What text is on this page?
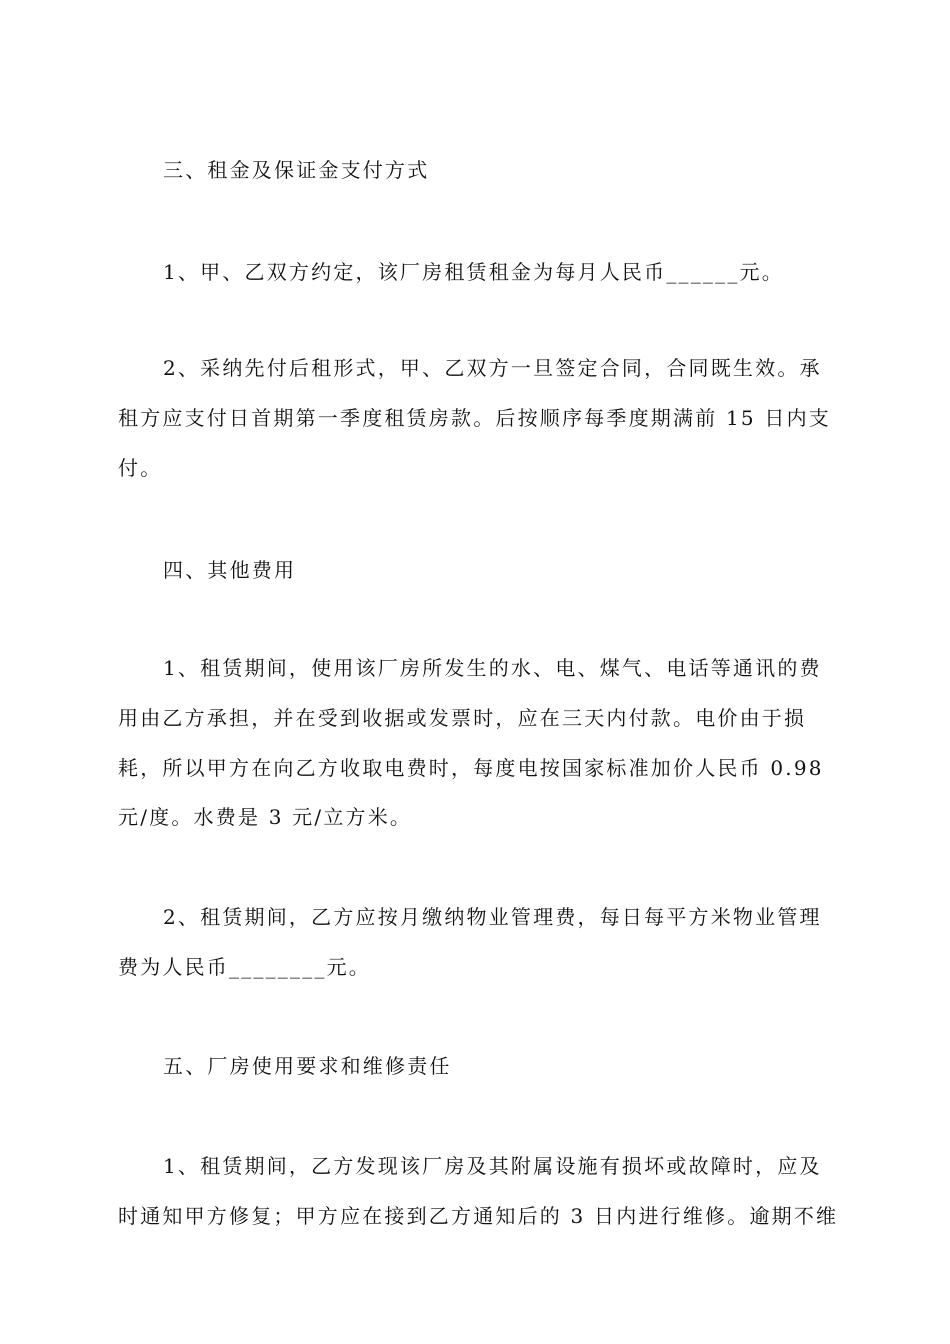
三、租金及保证金支付方式
1、甲、乙双方约定，该厂房租赁租金为每月人民币______元。
2、采纳先付后租形式，甲、乙双方一旦签定合同，合同既生效。承
租方应支付日首期第一季度租赁房款。后按顺序每季度期满前 15 日内支
付。
四、其他费用
1、租赁期间，使用该厂房所发生的水、电、煤气、电话等通讯的费
用由乙方承担，并在受到收据或发票时，应在三天内付款。电价由于损
耗，所以甲方在向乙方收取电费时，每度电按国家标准加价人民币 0.98
元/度。水费是 3 元/立方米。
2、租赁期间，乙方应按月缴纳物业管理费，每日每平方米物业管理
费为人民币________元。
五、厂房使用要求和维修责任
1、租赁期间，乙方发现该厂房及其附属设施有损坏或故障时，应及
时通知甲方修复；甲方应在接到乙方通知后的 3 日内进行维修。逾期不维
